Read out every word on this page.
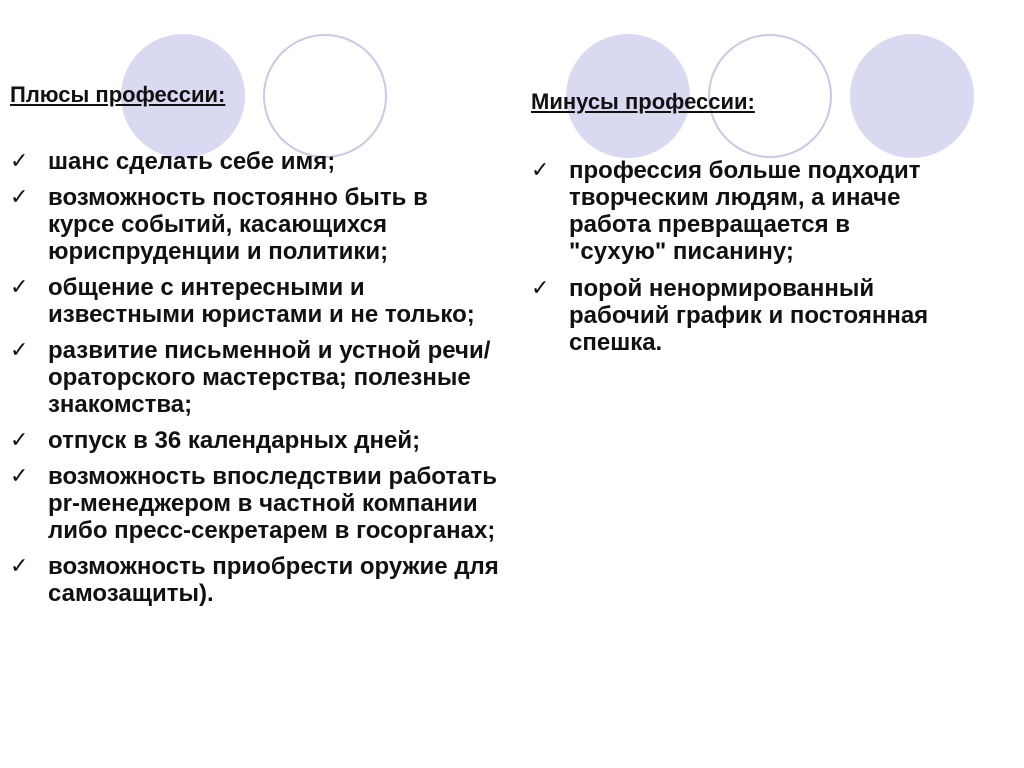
Плюсы профессии:
✓ шанс сделать себе имя;
✓ возможность постоянно быть в курсе событий, касающихся юриспруденции и политики;
✓ общение с интересными и известными юристами и не только;
✓ развитие письменной и устной речи/ораторского мастерства; полезные знакомства;
✓ отпуск в 36 календарных дней;
✓ возможность впоследствии работать pr-менеджером в частной компании либо пресс-секретарем в госорганах;
✓ возможность приобрести оружие для самозащиты).
Минусы профессии:
✓ профессия больше подходит творческим людям, а иначе работа превращается в "сухую" писанину;
✓ порой ненормированный рабочий график и постоянная спешка.
